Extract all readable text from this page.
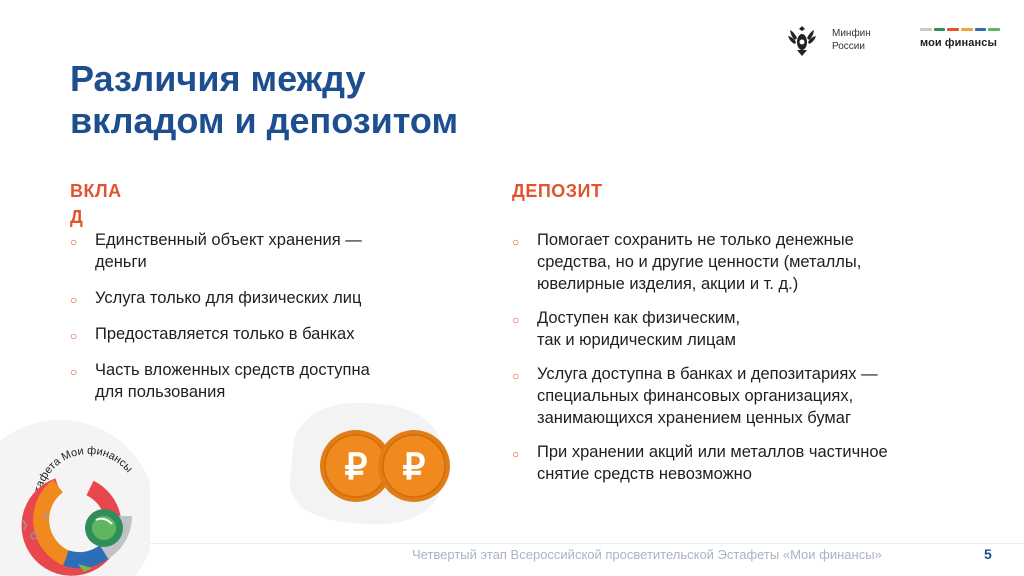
Минфин
России	мои финансы
Различия между
вкладом и депозитом
ВКЛА
Д
○ Единственный объект хранения —
деньги
○ Услуга только для физических лиц
○ Предоставляется только в банках
○ Часть вложенных средств доступна
для пользования
ДЕПОЗИТ
○ Помогает сохранить не только денежные
средства, но и другие ценности (металлы,
ювелирные изделия, акции и т. д.)
○ Доступен как физическим,
так и юридическим лицам
○ Услуга доступна в банках и депозитариях —
специальных финансовых организациях,
занимающихся хранением ценных бумаг
○ При хранении акций или металлов частичное
снятие средств невозможно
Эстафета Мои финансы	₽ ₽
Четвертый этап Всероссийской просветительской Эстафеты «Мои финансы»	5
